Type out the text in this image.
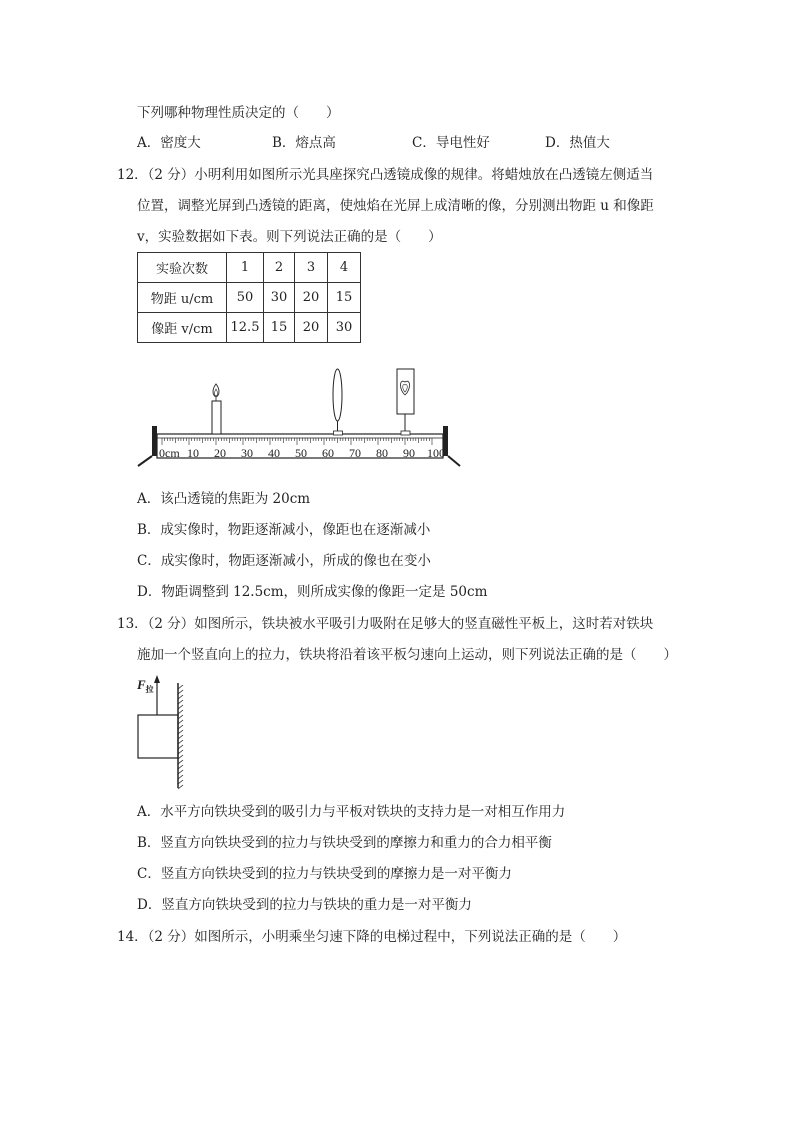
下列哪种物理性质决定的（　　）
A．密度大	B．熔点高	C．导电性好	D．热值大
12．（2 分）小明利用如图所示光具座探究凸透镜成像的规律。将蜡烛放在凸透镜左侧适当
位置，调整光屏到凸透镜的距离，使烛焰在光屏上成清晰的像，分别测出物距 u 和像距
v，实验数据如下表。则下列说法正确的是（　　）
实验次数	1	2	3	4
物距 u/cm	50	30	20	15
像距 v/cm	12.5	15	20	30
0cm 10 20 30 40 50 60 70 80 90 100
A．该凸透镜的焦距为 20cm
B．成实像时，物距逐渐减小，像距也在逐渐减小
C．成实像时，物距逐渐减小，所成的像也在变小
D．物距调整到 12.5cm，则所成实像的像距一定是 50cm
13．（2 分）如图所示，铁块被水平吸引力吸附在足够大的竖直磁性平板上，这时若对铁块
施加一个竖直向上的拉力，铁块将沿着该平板匀速向上运动，则下列说法正确的是（　　）
$F_拉$
A．水平方向铁块受到的吸引力与平板对铁块的支持力是一对相互作用力
B．竖直方向铁块受到的拉力与铁块受到的摩擦力和重力的合力相平衡
C．竖直方向铁块受到的拉力与铁块受到的摩擦力是一对平衡力
D．竖直方向铁块受到的拉力与铁块的重力是一对平衡力
14．（2 分）如图所示，小明乘坐匀速下降的电梯过程中，下列说法正确的是（　　）
